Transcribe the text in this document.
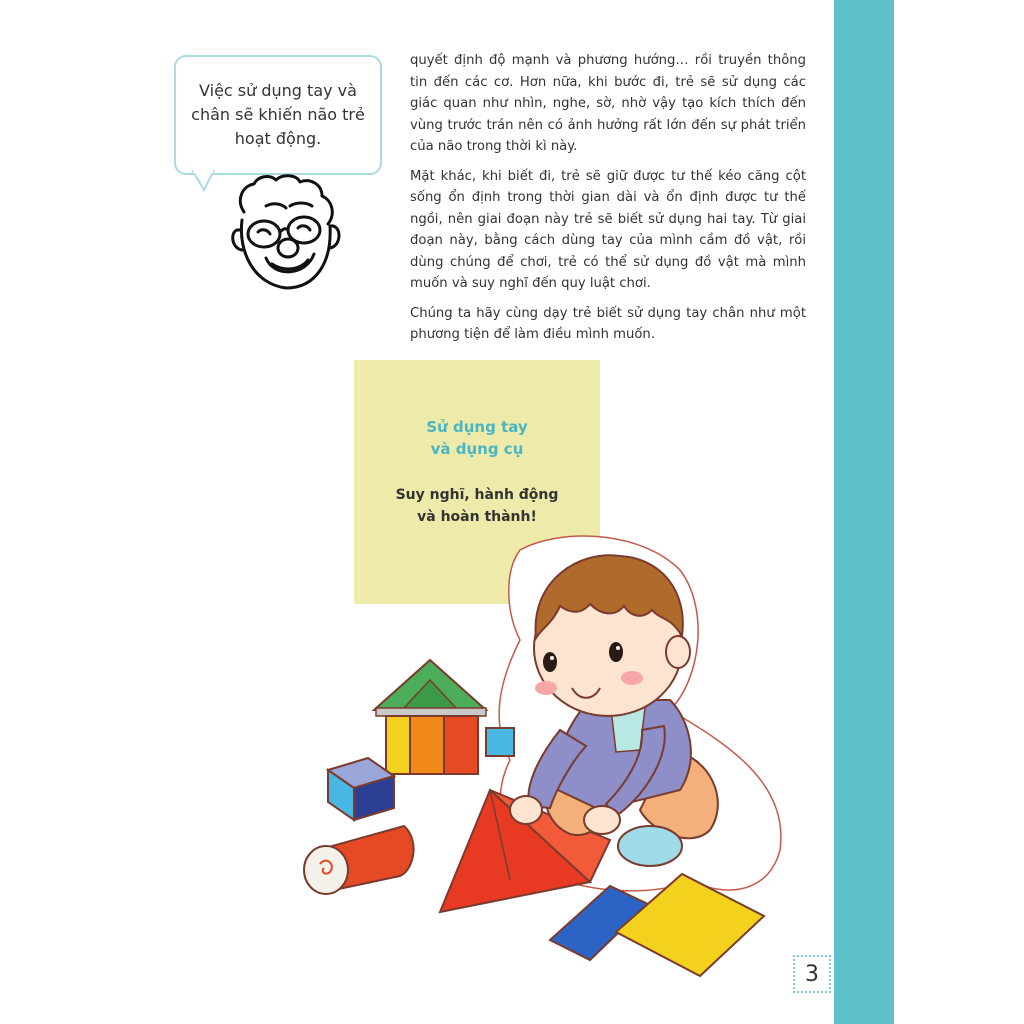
Việc sử dụng tay và chân sẽ khiến não trẻ hoạt động.

quyết định độ mạnh và phương hướng… rồi truyền thông tin đến các cơ. Hơn nữa, khi bước đi, trẻ sẽ sử dụng các giác quan như nhìn, nghe, sờ, nhờ vậy tạo kích thích đến vùng trước trán nên có ảnh hưởng rất lớn đến sự phát triển của não trong thời kì này.

Mặt khác, khi biết đi, trẻ sẽ giữ được tư thế kéo căng cột sống ổn định trong thời gian dài và ổn định được tư thế ngồi, nên giai đoạn này trẻ sẽ biết sử dụng hai tay. Từ giai đoạn này, bằng cách dùng tay của mình cầm đồ vật, rồi dùng chúng để chơi, trẻ có thể sử dụng đồ vật mà mình muốn và suy nghĩ đến quy luật chơi.

Chúng ta hãy cùng dạy trẻ biết sử dụng tay chân như một phương tiện để làm điều mình muốn.

Sử dụng tay
và dụng cụ
Suy nghĩ, hành động
và hoàn thành!
3
